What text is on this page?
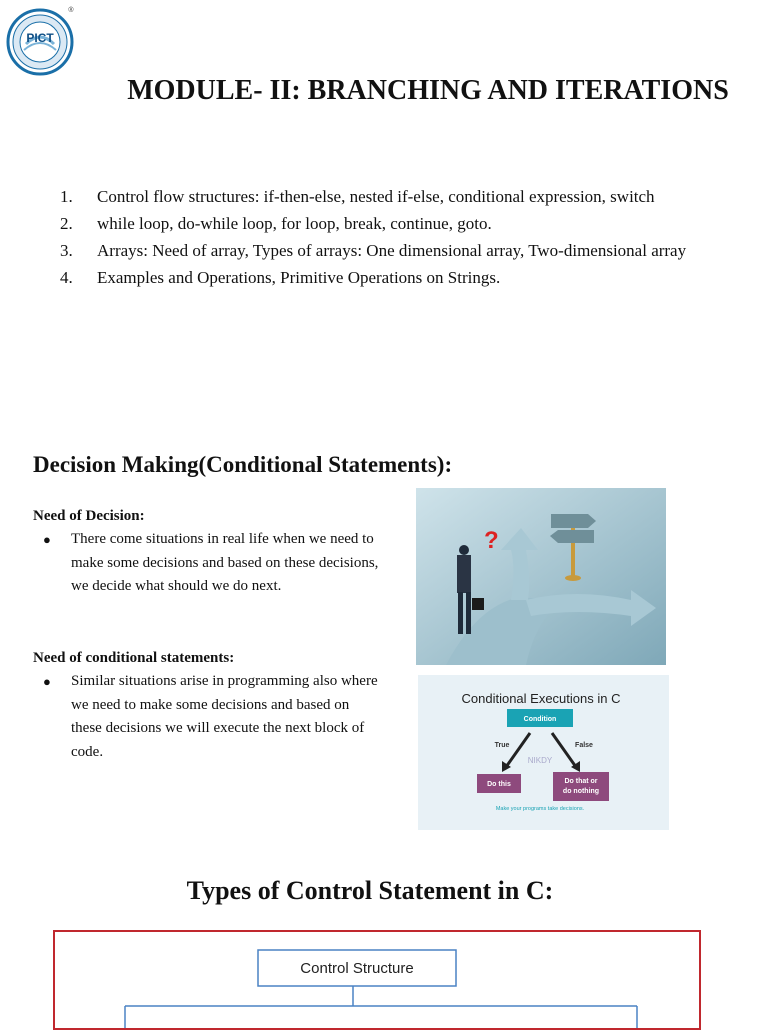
PICT
®
MODULE- II: BRANCHING AND ITERATIONS
1.	Control flow structures: if-then-else, nested if-else, conditional expression, switch
2.	while loop, do-while loop, for loop, break, continue, goto.
3.	Arrays: Need of array, Types of arrays: One dimensional array, Two-dimensional array
4.	Examples and Operations, Primitive Operations on Strings.
Decision Making(Conditional Statements):
Need of Decision:
●	There come situations in real life when we need to make some decisions and based on these decisions, we decide what should we do next.
Need of conditional statements:
●	Similar situations arise in programming also where we need to make some decisions and based on these decisions we will execute the next block of code.
?
Conditional Executions in C
Condition
True	False
NIKDY
Do this	Do that or
do nothing
Make your programs take decisions.
Types of Control Statement in C:
Control Structure
